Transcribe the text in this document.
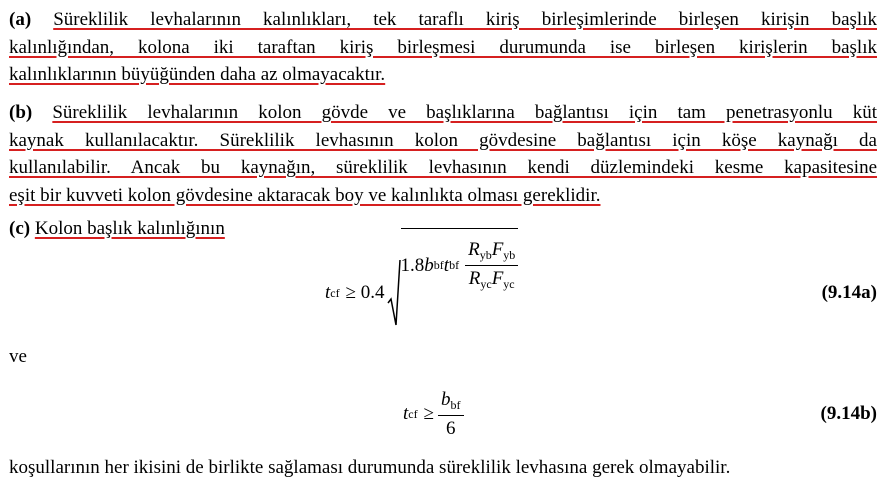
(a) Süreklilik levhalarının kalınlıkları, tek taraflı kiriş birleşimlerinde birleşen kirişin başlık
kalınlığından, kolona iki taraftan kiriş birleşmesi durumunda ise birleşen kirişlerin başlık
kalınlıklarının büyüğünden daha az olmayacaktır.
(b) Süreklilik levhalarının kolon gövde ve başlıklarına bağlantısı için tam penetrasyonlu küt
kaynak kullanılacaktır. Süreklilik levhasının kolon gövdesine bağlantısı için köşe kaynağı da
kullanılabilir. Ancak bu kaynağın, süreklilik levhasının kendi düzlemindeki kesme kapasitesine
eşit bir kuvveti kolon gövdesine aktaracak boy ve kalınlıkta olması gereklidir.
(c) Kolon başlık kalınlığının
t cf ≥ 0.4
1.8 b bf t bf $\frac{R_{yb}F_{yb}}{R_{yc}F_{yc}}$
(9.14a)
ve
t cf ≥ $\frac{b_{bf}}{6}$	(9.14b)
koşullarının her ikisini de birlikte sağlaması durumunda süreklilik levhasına gerek olmayabilir.
